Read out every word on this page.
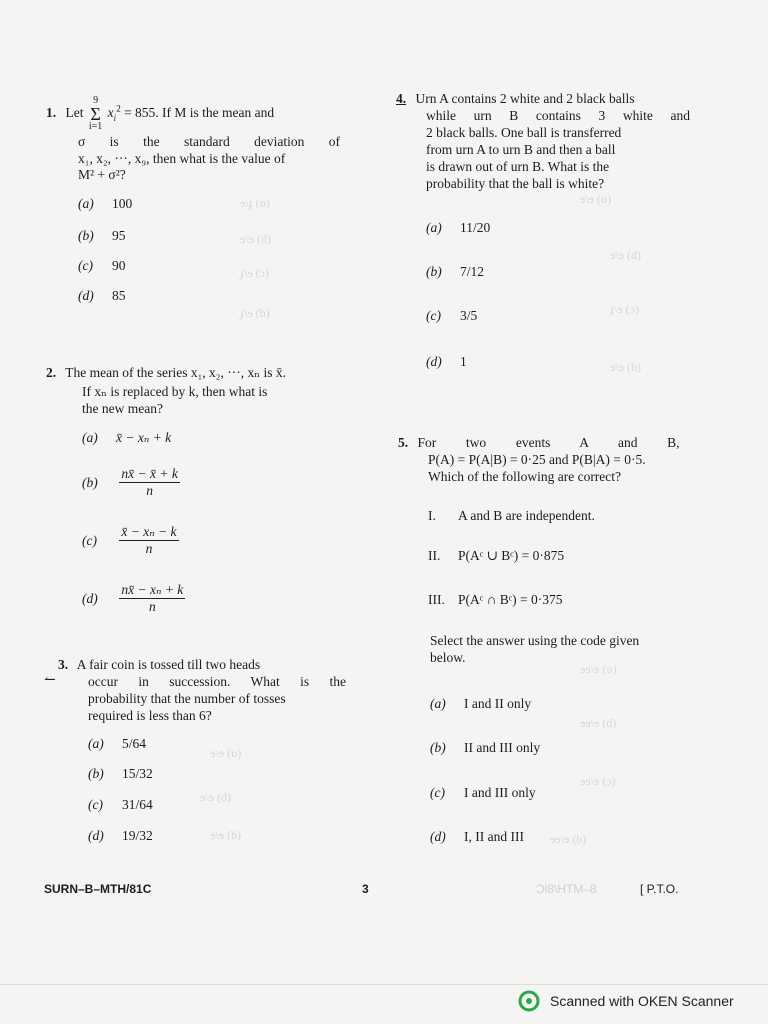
ɘ\ɟ (ɒ)
ɘ\ɘ (d)
ɟ\ɘ (ɔ)
ɟ\ɘ (b)
ɘ\ɘ (ɒ)
ɘ\ɘ (d)
ɟ\ɘ (ɔ)
ɘ\ɘ (b)
ɘɘ\ɘ (ɒ)
ɘɘ\ɘ (d)
ɘɘ\ɘ (ɔ)
ɘɘ\ɘ (b)
ɘ\ɘ (ɒ)
ɘ\ɘ (d)
ɘ\ɘ (b)
1. Let
9
Σ
i=1
$x_i^2 = 855$. If M is the mean and
σ is the standard deviation of
x₁, x₂, ···, x₉, then what is the value of
M² + σ²?
(a) 100
(b) 95
(c) 90
(d) 85
2. The mean of the series x₁, x₂, ···, xₙ is x̄.
If xₙ is replaced by k, then what is
the new mean?
(a) x̄ − xₙ + k
$(b) \frac{nx̄ - x̄ + k}{n}$
$(c) \frac{\text{x̄ − xₙ − k}}{n}$
$(d) \frac{\text{nx̄ − xₙ + k}}{n}$
3. A fair coin is tossed till two heads
↼	occur in succession. What is the
probability that the number of tosses
required is less than 6?
(a) 5/64
(b) 15/32
(c) 31/64
(d) 19/32
4. Urn A contains 2 white and 2 black balls
while urn B contains 3 white and
2 black balls. One ball is transferred
from urn A to urn B and then a ball
is drawn out of urn B. What is the
probability that the ball is white?
(a) 11/20
(b) 7/12
(c) 3/5
(d) 1
5. For two events A and B,
P(A) = P(A|B) = 0·25 and P(B|A) = 0·5.
Which of the following are correct?
I. A and B are independent.
II. P(Aᶜ ∪ Bᶜ) = 0·875
III. P(Aᶜ ∩ Bᶜ) = 0·375
Select the answer using the code given
below.
(a) I and II only
(b) II and III only
(c) I and III only
(d) I, II and III
SURN–B–MTH/81C	3	ϽƖ8\HTM–8	[ P.T.O.
Scanned with OKEN Scanner
